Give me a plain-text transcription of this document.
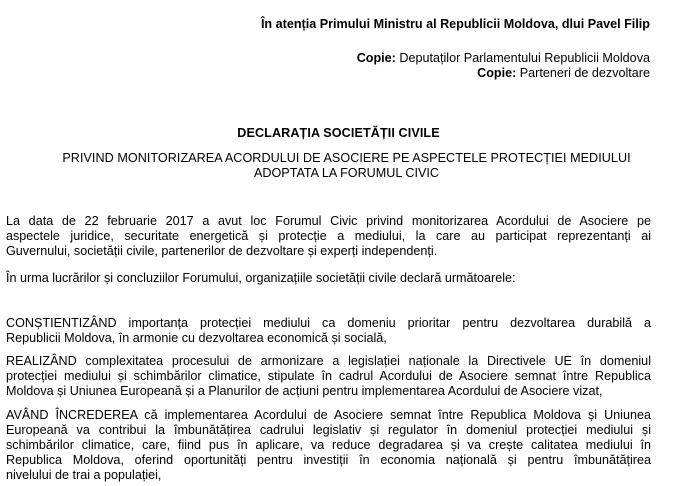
În atenția Primului Ministru al Republicii Moldova, dlui Pavel Filip
Copie: Deputaților Parlamentului Republicii Moldova
Copie: Parteneri de dezvoltare
DECLARAȚIA SOCIETĂȚII CIVILE
PRIVIND MONITORIZAREA ACORDULUI DE ASOCIERE PE ASPECTELE PROTECȚIEI MEDIULUI
ADOPTATA LA FORUMUL CIVIC
La data de 22 februarie 2017 a avut loc Forumul Civic privind monitorizarea Acordului de Asociere pe
aspectele juridice, securitate energetică și protecție a mediului, la care au participat reprezentanți ai
Guvernului, societății civile, partenerilor de dezvoltare și experți independenți.
În urma lucrărilor și concluziilor Forumului, organizațiile societății civile declară următoarele:
CONȘTIENTIZÂND importanța protecției mediului ca domeniu prioritar pentru dezvoltarea durabilă a
Republicii Moldova, în armonie cu dezvoltarea economică și socială,
REALIZÂND complexitatea procesului de armonizare a legislației naționale la Directivele UE în domeniul
protecției mediului și schimbărilor climatice, stipulate în cadrul Acordului de Asociere semnat între Republica
Moldova și Uniunea Europeană și a Planurilor de acțiuni pentru implementarea Acordului de Asociere vizat,
AVÂND ÎNCREDEREA că implementarea Acordului de Asociere semnat între Republica Moldova și Uniunea
Europeană va contribui la îmbunătățirea cadrului legislativ și regulator în domeniul protecției mediului și
schimbărilor climatice, care, fiind pus în aplicare, va reduce degradarea și va crește calitatea mediului în
Republica Moldova, oferind oportunități pentru investiții în economia națională și pentru îmbunătățirea
nivelului de trai a populației,
